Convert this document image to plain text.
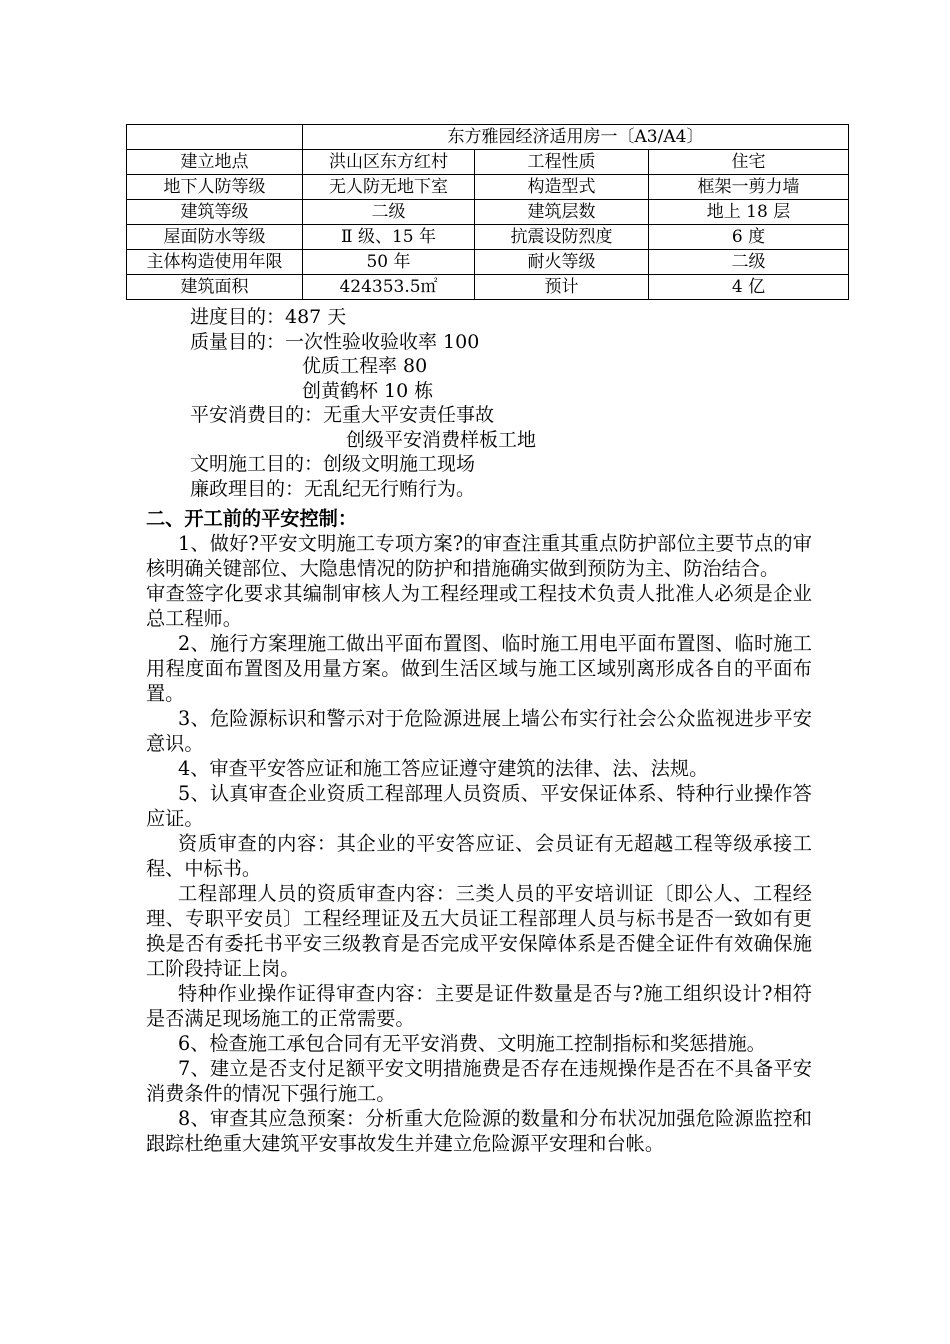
	东方雅园经济适用房一〔A3/A4〕		
建立地点	洪山区东方红村	工程性质	住宅
地下人防等级	无人防无地下室	构造型式	框架一剪力墙
建筑等级	二级	建筑层数	地上 18 层
屋面防水等级	Ⅱ 级、15 年	抗震设防烈度	6 度
主体构造使用年限	50 年	耐火等级	二级
建筑面积	424353.5㎡	预计	4 亿
进度目的：487 天
质量目的：一次性验收验收率 100
优质工程率 80
创黄鹤杯 10 栋
平安消费目的：无重大平安责任事故
创级平安消费样板工地
文明施工目的：创级文明施工现场
廉政理目的：无乱纪无行贿行为。
二、开工前的平安控制：

1、做好?平安文明施工专项方案?的审查注重其重点防护部位主要节点的审核明确关键部位、大隐患情况的防护和措施确实做到预防为主、防治结合。

审查签字化要求其编制审核人为工程经理或工程技术负责人批准人必须是企业总工程师。

2、施行方案理施工做出平面布置图、临时施工用电平面布置图、临时施工用程度面布置图及用量方案。做到生活区域与施工区域别离形成各自的平面布置。

3、危险源标识和警示对于危险源进展上墙公布实行社会公众监视进步平安意识。

4、审查平安答应证和施工答应证遵守建筑的法律、法、法规。

5、认真审查企业资质工程部理人员资质、平安保证体系、特种行业操作答应证。

资质审查的内容：其企业的平安答应证、会员证有无超越工程等级承接工程、中标书。

工程部理人员的资质审查内容：三类人员的平安培训证〔即公人、工程经理、专职平安员〕工程经理证及五大员证工程部理人员与标书是否一致如有更换是否有委托书平安三级教育是否完成平安保障体系是否健全证件有效确保施工阶段持证上岗。

特种作业操作证得审查内容：主要是证件数量是否与?施工组织设计?相符是否满足现场施工的正常需要。

6、检查施工承包合同有无平安消费、文明施工控制指标和奖惩措施。

7、建立是否支付足额平安文明措施费是否存在违规操作是否在不具备平安消费条件的情况下强行施工。

8、审查其应急预案：分析重大危险源的数量和分布状况加强危险源监控和跟踪杜绝重大建筑平安事故发生并建立危险源平安理和台帐。
